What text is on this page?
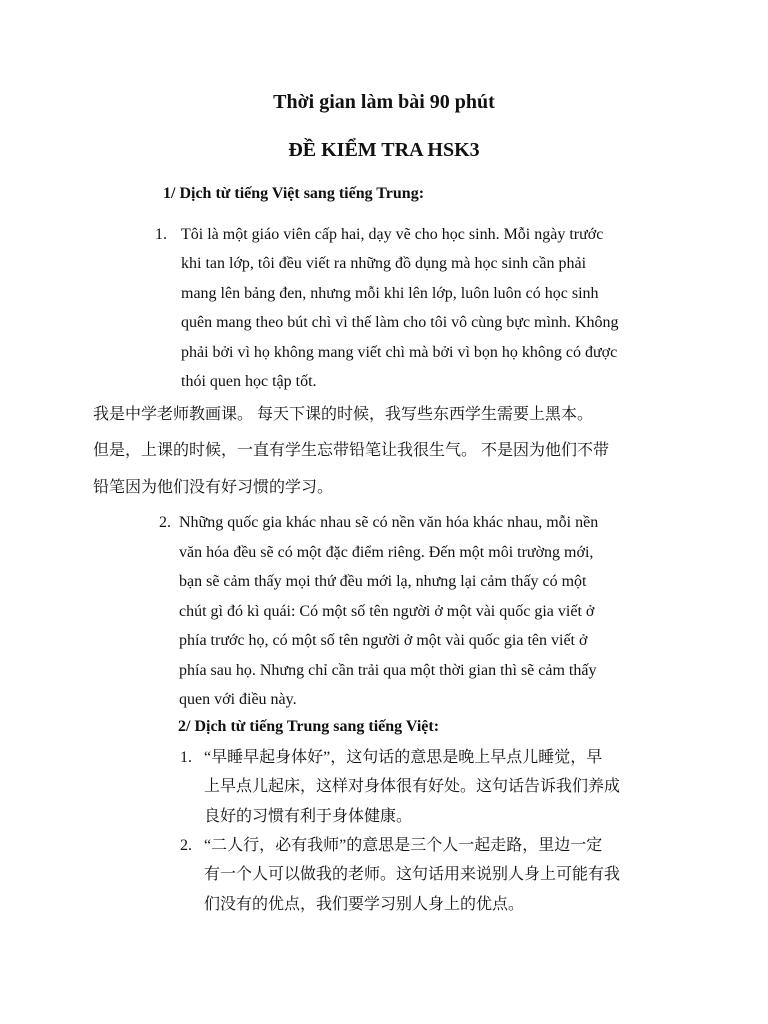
Thời gian làm bài 90 phút
ĐỀ KIỂM TRA HSK3
1/ Dịch từ tiếng Việt sang tiếng Trung:
1. Tôi là một giáo viên cấp hai, dạy vẽ cho học sinh. Mỗi ngày trước
khi tan lớp, tôi đều viết ra những đồ dụng mà học sinh cần phải
mang lên bảng đen, nhưng mỗi khi lên lớp, luôn luôn có học sinh
quên mang theo bút chì vì thế làm cho tôi vô cùng bực mình. Không
phải bởi vì họ không mang viết chì mà bởi vì bọn họ không có được
thói quen học tập tốt.
我是中学老师教画课。 每天下课的时候，我写些东西学生需要上黑本。
但是，上课的时候，一直有学生忘带铅笔让我很生气。 不是因为他们不带
铅笔因为他们没有好习惯的学习。
2. Những quốc gia khác nhau sẽ có nền văn hóa khác nhau, mỗi nền
văn hóa đều sẽ có một đặc điểm riêng. Đến một môi trường mới,
bạn sẽ cảm thấy mọi thứ đều mới lạ, nhưng lại cảm thấy có một
chút gì đó kì quái: Có một số tên người ở một vài quốc gia viết ở
phía trước họ, có một số tên người ở một vài quốc gia tên viết ở
phía sau họ. Nhưng chỉ cần trải qua một thời gian thì sẽ cảm thấy
quen với điều này.
2/ Dịch từ tiếng Trung sang tiếng Việt:
1. “早睡早起身体好”，这句话的意思是晚上早点儿睡觉，早
上早点儿起床，这样对身体很有好处。这句话告诉我们养成
良好的习惯有利于身体健康。
2. “二人行，必有我师”的意思是三个人一起走路，里边一定
有一个人可以做我的老师。这句话用来说别人身上可能有我
们没有的优点，我们要学习别人身上的优点。
